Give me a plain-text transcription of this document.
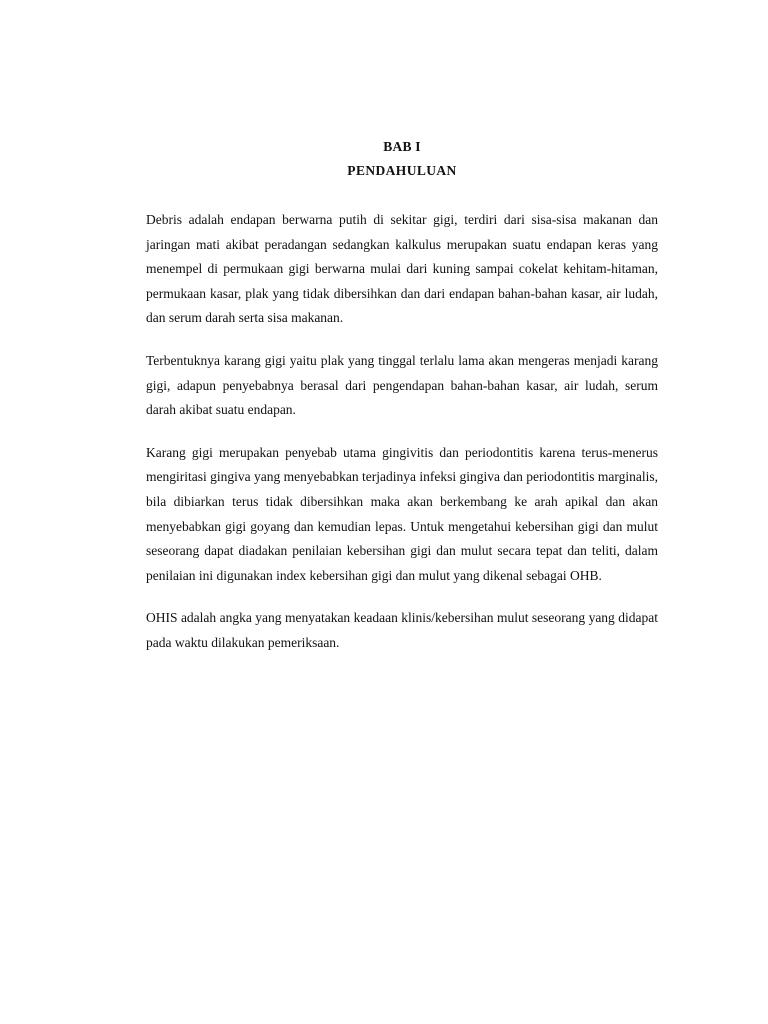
BAB I
PENDAHULUAN

Debris adalah endapan berwarna putih di sekitar gigi, terdiri dari sisa-sisa makanan dan jaringan mati akibat peradangan sedangkan kalkulus merupakan suatu endapan keras yang menempel di permukaan gigi berwarna mulai dari kuning sampai cokelat kehitam-hitaman, permukaan kasar, plak yang tidak dibersihkan dan dari endapan bahan-bahan kasar, air ludah, dan serum darah serta sisa makanan.

Terbentuknya karang gigi yaitu plak yang tinggal terlalu lama akan mengeras menjadi karang gigi, adapun penyebabnya berasal dari pengendapan bahan-bahan kasar, air ludah, serum darah akibat suatu endapan.

Karang gigi merupakan penyebab utama gingivitis dan periodontitis karena terus-menerus mengiritasi gingiva yang menyebabkan terjadinya infeksi gingiva dan periodontitis marginalis, bila dibiarkan terus tidak dibersihkan maka akan berkembang ke arah apikal dan akan menyebabkan gigi goyang dan kemudian lepas. Untuk mengetahui kebersihan gigi dan mulut seseorang dapat diadakan penilaian kebersihan gigi dan mulut secara tepat dan teliti, dalam penilaian ini digunakan index kebersihan gigi dan mulut yang dikenal sebagai OHB.

OHIS adalah angka yang menyatakan keadaan klinis/kebersihan mulut seseorang yang didapat pada waktu dilakukan pemeriksaan.
